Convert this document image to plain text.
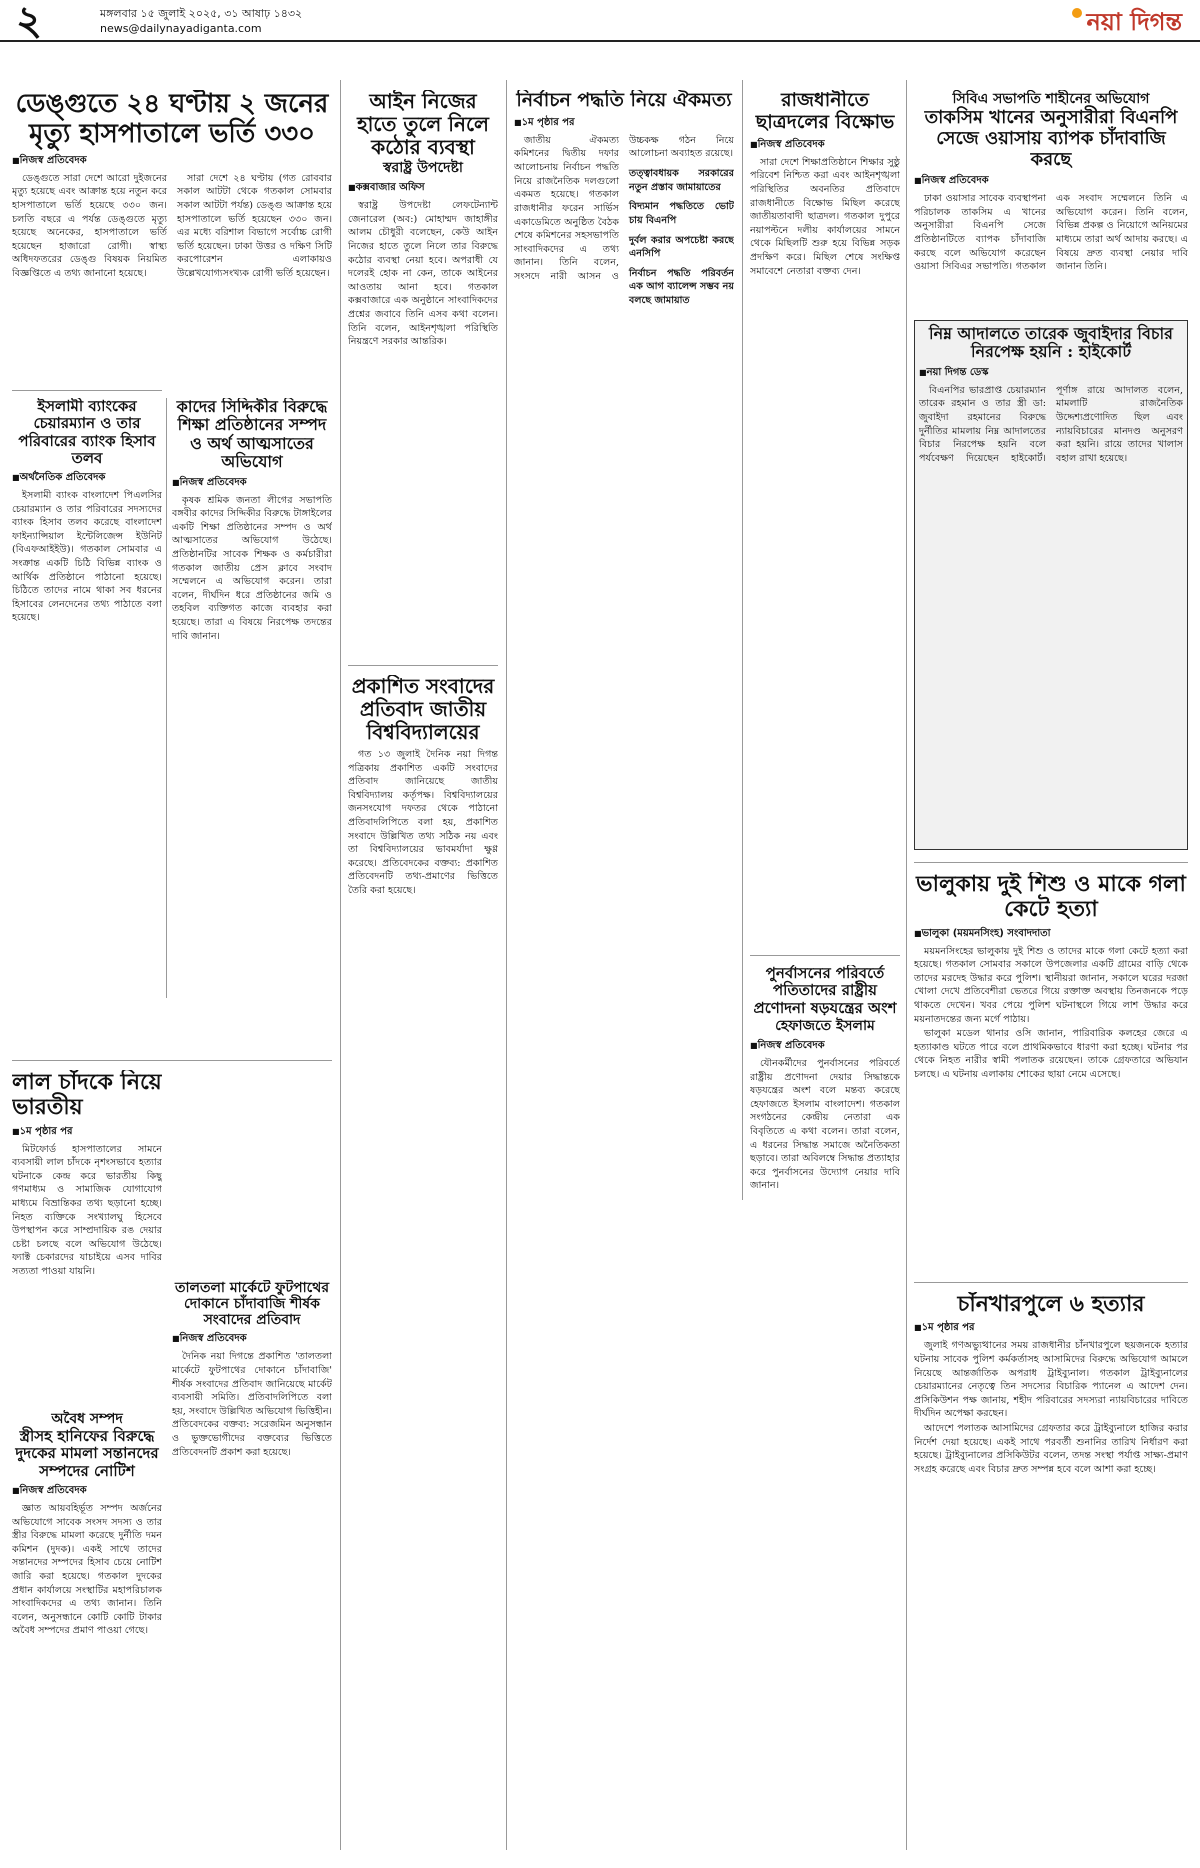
২	মঙ্গলবার ১৫ জুলাই ২০২৫, ৩১ আষাঢ় ১৪৩২
news@dailynayadiganta.com	নয়া দিগন্ত
ডেঙ্গুতে ২৪ ঘণ্টায় ২ জনের মৃত্যু হাসপাতালে ভর্তি ৩৩০
■ নিজস্ব প্রতিবেদক

ডেঙ্গুতে সারা দেশে আরো দুইজনের মৃত্যু হয়েছে এবং আক্রান্ত হয়ে নতুন করে হাসপাতালে ভর্তি হয়েছে ৩৩০ জন। চলতি বছরে এ পর্যন্ত ডেঙ্গুতে মৃত্যু হয়েছে অনেকের, হাসপাতালে ভর্তি হয়েছেন হাজারো রোগী। স্বাস্থ্য অধিদফতরের ডেঙ্গু বিষয়ক নিয়মিত বিজ্ঞপ্তিতে এ তথ্য জানানো হয়েছে।

সারা দেশে ২৪ ঘণ্টায় (গত রোববার সকাল আটটা থেকে গতকাল সোমবার সকাল আটটা পর্যন্ত) ডেঙ্গু আক্রান্ত হয়ে হাসপাতালে ভর্তি হয়েছেন ৩৩০ জন। এর মধ্যে বরিশাল বিভাগে সর্বোচ্চ রোগী ভর্তি হয়েছেন। ঢাকা উত্তর ও দক্ষিণ সিটি করপোরেশন এলাকায়ও উল্লেখযোগ্যসংখ্যক রোগী ভর্তি হয়েছেন।

ইসলামী ব্যাংকের চেয়ারম্যান ও তার পরিবারের ব্যাংক হিসাব তলব
■ অর্থনৈতিক প্রতিবেদক

ইসলামী ব্যাংক বাংলাদেশ পিএলসির চেয়ারম্যান ও তার পরিবারের সদস্যদের ব্যাংক হিসাব তলব করেছে বাংলাদেশ ফাইন্যান্সিয়াল ইন্টেলিজেন্স ইউনিট (বিএফআইইউ)। গতকাল সোমবার এ সংক্রান্ত একটি চিঠি বিভিন্ন ব্যাংক ও আর্থিক প্রতিষ্ঠানে পাঠানো হয়েছে। চিঠিতে তাদের নামে থাকা সব ধরনের হিসাবের লেনদেনের তথ্য পাঠাতে বলা হয়েছে।

কাদের সিদ্দিকীর বিরুদ্ধে শিক্ষা প্রতিষ্ঠানের সম্পদ ও অর্থ আত্মসাতের অভিযোগ
■ নিজস্ব প্রতিবেদক

কৃষক শ্রমিক জনতা লীগের সভাপতি বঙ্গবীর কাদের সিদ্দিকীর বিরুদ্ধে টাঙ্গাইলের একটি শিক্ষা প্রতিষ্ঠানের সম্পদ ও অর্থ আত্মসাতের অভিযোগ উঠেছে। প্রতিষ্ঠানটির সাবেক শিক্ষক ও কর্মচারীরা গতকাল জাতীয় প্রেস ক্লাবে সংবাদ সম্মেলনে এ অভিযোগ করেন। তারা বলেন, দীর্ঘদিন ধরে প্রতিষ্ঠানের জমি ও তহবিল ব্যক্তিগত কাজে ব্যবহার করা হয়েছে। তারা এ বিষয়ে নিরপেক্ষ তদন্তের দাবি জানান।

লাল চাঁদকে নিয়ে ভারতীয়
■ ১ম পৃষ্ঠার পর

মিটফোর্ড হাসপাতালের সামনে ব্যবসায়ী লাল চাঁদকে নৃশংসভাবে হত্যার ঘটনাকে কেন্দ্র করে ভারতীয় কিছু গণমাধ্যম ও সামাজিক যোগাযোগ মাধ্যমে বিভ্রান্তিকর তথ্য ছড়ানো হচ্ছে। নিহত ব্যক্তিকে সংখ্যালঘু হিসেবে উপস্থাপন করে সাম্প্রদায়িক রঙ দেয়ার চেষ্টা চলছে বলে অভিযোগ উঠেছে। ফ্যাক্ট চেকারদের যাচাইয়ে এসব দাবির সত্যতা পাওয়া যায়নি।

তালতলা মার্কেটে ফুটপাথের দোকানে চাঁদাবাজি শীর্ষক সংবাদের প্রতিবাদ
■ নিজস্ব প্রতিবেদক

দৈনিক নয়া দিগন্তে প্রকাশিত 'তালতলা মার্কেটে ফুটপাথের দোকানে চাঁদাবাজি' শীর্ষক সংবাদের প্রতিবাদ জানিয়েছে মার্কেট ব্যবসায়ী সমিতি। প্রতিবাদলিপিতে বলা হয়, সংবাদে উল্লিখিত অভিযোগ ভিত্তিহীন। প্রতিবেদকের বক্তব্য: সরেজমিন অনুসন্ধান ও ভুক্তভোগীদের বক্তব্যের ভিত্তিতে প্রতিবেদনটি প্রকাশ করা হয়েছে।

অবৈধ সম্পদ
স্ত্রীসহ হানিফের বিরুদ্ধে দুদকের মামলা সন্তানদের সম্পদের নোটিশ
■ নিজস্ব প্রতিবেদক

জ্ঞাত আয়বহির্ভূত সম্পদ অর্জনের অভিযোগে সাবেক সংসদ সদস্য ও তার স্ত্রীর বিরুদ্ধে মামলা করেছে দুর্নীতি দমন কমিশন (দুদক)। একই সাথে তাদের সন্তানদের সম্পদের হিসাব চেয়ে নোটিশ জারি করা হয়েছে। গতকাল দুদকের প্রধান কার্যালয়ে সংস্থাটির মহাপরিচালক সাংবাদিকদের এ তথ্য জানান। তিনি বলেন, অনুসন্ধানে কোটি কোটি টাকার অবৈধ সম্পদের প্রমাণ পাওয়া গেছে।

আইন নিজের হাতে তুলে নিলে কঠোর ব্যবস্থা
স্বরাষ্ট্র উপদেষ্টা
■ কক্সবাজার অফিস

স্বরাষ্ট্র উপদেষ্টা লেফটেন্যান্ট জেনারেল (অব:) মোহাম্মদ জাহাঙ্গীর আলম চৌধুরী বলেছেন, কেউ আইন নিজের হাতে তুলে নিলে তার বিরুদ্ধে কঠোর ব্যবস্থা নেয়া হবে। অপরাধী যে দলেরই হোক না কেন, তাকে আইনের আওতায় আনা হবে। গতকাল কক্সবাজারে এক অনুষ্ঠানে সাংবাদিকদের প্রশ্নের জবাবে তিনি এসব কথা বলেন। তিনি বলেন, আইনশৃঙ্খলা পরিস্থিতি নিয়ন্ত্রণে সরকার আন্তরিক।

প্রকাশিত সংবাদের প্রতিবাদ জাতীয় বিশ্ববিদ্যালয়ের

গত ১৩ জুলাই দৈনিক নয়া দিগন্ত পত্রিকায় প্রকাশিত একটি সংবাদের প্রতিবাদ জানিয়েছে জাতীয় বিশ্ববিদ্যালয় কর্তৃপক্ষ। বিশ্ববিদ্যালয়ের জনসংযোগ দফতর থেকে পাঠানো প্রতিবাদলিপিতে বলা হয়, প্রকাশিত সংবাদে উল্লিখিত তথ্য সঠিক নয় এবং তা বিশ্ববিদ্যালয়ের ভাবমর্যাদা ক্ষুণ্ণ করেছে। প্রতিবেদকের বক্তব্য: প্রকাশিত প্রতিবেদনটি তথ্য-প্রমাণের ভিত্তিতে তৈরি করা হয়েছে।

নির্বাচন পদ্ধতি নিয়ে ঐকমত্য
■ ১ম পৃষ্ঠার পর

জাতীয় ঐকমত্য কমিশনের দ্বিতীয় দফার আলোচনায় নির্বাচন পদ্ধতি নিয়ে রাজনৈতিক দলগুলো একমত হয়েছে। গতকাল রাজধানীর ফরেন সার্ভিস একাডেমিতে অনুষ্ঠিত বৈঠক শেষে কমিশনের সহসভাপতি সাংবাদিকদের এ তথ্য জানান। তিনি বলেন, সংসদে নারী আসন ও উচ্চকক্ষ গঠন নিয়ে আলোচনা অব্যাহত রয়েছে।

তত্ত্বাবধায়ক সরকারের নতুন প্রস্তাব জামায়াতের

বিদ্যমান পদ্ধতিতে ভোট চায় বিএনপি

দুর্বল করার অপচেষ্টা করছে এনসিপি

নির্বাচন পদ্ধতি পরিবর্তন এক আগ ব্যালেন্স সম্ভব নয় বলছে জামায়াত

রাজধানীতে ছাত্রদলের বিক্ষোভ
■ নিজস্ব প্রতিবেদক

সারা দেশে শিক্ষাপ্রতিষ্ঠানে শিক্ষার সুষ্ঠু পরিবেশ নিশ্চিত করা এবং আইনশৃঙ্খলা পরিস্থিতির অবনতির প্রতিবাদে রাজধানীতে বিক্ষোভ মিছিল করেছে জাতীয়তাবাদী ছাত্রদল। গতকাল দুপুরে নয়াপল্টনে দলীয় কার্যালয়ের সামনে থেকে মিছিলটি শুরু হয়ে বিভিন্ন সড়ক প্রদক্ষিণ করে। মিছিল শেষে সংক্ষিপ্ত সমাবেশে নেতারা বক্তব্য দেন।

পুনর্বাসনের পরিবর্তে পতিতাদের রাষ্ট্রীয় প্রণোদনা ষড়যন্ত্রের অংশ
হেফাজতে ইসলাম
■ নিজস্ব প্রতিবেদক

যৌনকর্মীদের পুনর্বাসনের পরিবর্তে রাষ্ট্রীয় প্রণোদনা দেয়ার সিদ্ধান্তকে ষড়যন্ত্রের অংশ বলে মন্তব্য করেছে হেফাজতে ইসলাম বাংলাদেশ। গতকাল সংগঠনের কেন্দ্রীয় নেতারা এক বিবৃতিতে এ কথা বলেন। তারা বলেন, এ ধরনের সিদ্ধান্ত সমাজে অনৈতিকতা ছড়াবে। তারা অবিলম্বে সিদ্ধান্ত প্রত্যাহার করে পুনর্বাসনের উদ্যোগ নেয়ার দাবি জানান।

সিবিএ সভাপতি শাহীনের অভিযোগ
তাকসিম খানের অনুসারীরা বিএনপি সেজে ওয়াসায় ব্যাপক চাঁদাবাজি করছে
■ নিজস্ব প্রতিবেদক

ঢাকা ওয়াসার সাবেক ব্যবস্থাপনা পরিচালক তাকসিম এ খানের অনুসারীরা বিএনপি সেজে প্রতিষ্ঠানটিতে ব্যাপক চাঁদাবাজি করছে বলে অভিযোগ করেছেন ওয়াসা সিবিএর সভাপতি। গতকাল এক সংবাদ সম্মেলনে তিনি এ অভিযোগ করেন। তিনি বলেন, বিভিন্ন প্রকল্প ও নিয়োগে অনিয়মের মাধ্যমে তারা অর্থ আদায় করছে। এ বিষয়ে দ্রুত ব্যবস্থা নেয়ার দাবি জানান তিনি।

নিম্ন আদালতে তারেক জুবাইদার বিচার নিরপেক্ষ হয়নি : হাইকোর্ট
■ নয়া দিগন্ত ডেস্ক

বিএনপির ভারপ্রাপ্ত চেয়ারম্যান তারেক রহমান ও তার স্ত্রী ডা: জুবাইদা রহমানের বিরুদ্ধে দুর্নীতির মামলায় নিম্ন আদালতের বিচার নিরপেক্ষ হয়নি বলে পর্যবেক্ষণ দিয়েছেন হাইকোর্ট। পূর্ণাঙ্গ রায়ে আদালত বলেন, মামলাটি রাজনৈতিক উদ্দেশ্যপ্রণোদিত ছিল এবং ন্যায়বিচারের মানদণ্ড অনুসরণ করা হয়নি। রায়ে তাদের খালাস বহাল রাখা হয়েছে।

ভালুকায় দুই শিশু ও মাকে গলা কেটে হত্যা
■ ভালুকা (ময়মনসিংহ) সংবাদদাতা

ময়মনসিংহের ভালুকায় দুই শিশু ও তাদের মাকে গলা কেটে হত্যা করা হয়েছে। গতকাল সোমবার সকালে উপজেলার একটি গ্রামের বাড়ি থেকে তাদের মরদেহ উদ্ধার করে পুলিশ। স্থানীয়রা জানান, সকালে ঘরের দরজা খোলা দেখে প্রতিবেশীরা ভেতরে গিয়ে রক্তাক্ত অবস্থায় তিনজনকে পড়ে থাকতে দেখেন। খবর পেয়ে পুলিশ ঘটনাস্থলে গিয়ে লাশ উদ্ধার করে ময়নাতদন্তের জন্য মর্গে পাঠায়।

ভালুকা মডেল থানার ওসি জানান, পারিবারিক কলহের জেরে এ হত্যাকাণ্ড ঘটতে পারে বলে প্রাথমিকভাবে ধারণা করা হচ্ছে। ঘটনার পর থেকে নিহত নারীর স্বামী পলাতক রয়েছেন। তাকে গ্রেফতারে অভিযান চলছে। এ ঘটনায় এলাকায় শোকের ছায়া নেমে এসেছে।

চাঁনখারপুলে ৬ হত্যার
■ ১ম পৃষ্ঠার পর

জুলাই গণঅভ্যুত্থানের সময় রাজধানীর চাঁনখারপুলে ছয়জনকে হত্যার ঘটনায় সাবেক পুলিশ কর্মকর্তাসহ আসামিদের বিরুদ্ধে অভিযোগ আমলে নিয়েছে আন্তর্জাতিক অপরাধ ট্রাইব্যুনাল। গতকাল ট্রাইব্যুনালের চেয়ারম্যানের নেতৃত্বে তিন সদস্যের বিচারিক প্যানেল এ আদেশ দেন। প্রসিকিউশন পক্ষ জানায়, শহীদ পরিবারের সদস্যরা ন্যায়বিচারের দাবিতে দীর্ঘদিন অপেক্ষা করছেন।

আদেশে পলাতক আসামিদের গ্রেফতার করে ট্রাইব্যুনালে হাজির করার নির্দেশ দেয়া হয়েছে। একই সাথে পরবর্তী শুনানির তারিখ নির্ধারণ করা হয়েছে। ট্রাইব্যুনালের প্রসিকিউটর বলেন, তদন্ত সংস্থা পর্যাপ্ত সাক্ষ্য-প্রমাণ সংগ্রহ করেছে এবং বিচার দ্রুত সম্পন্ন হবে বলে আশা করা হচ্ছে।
